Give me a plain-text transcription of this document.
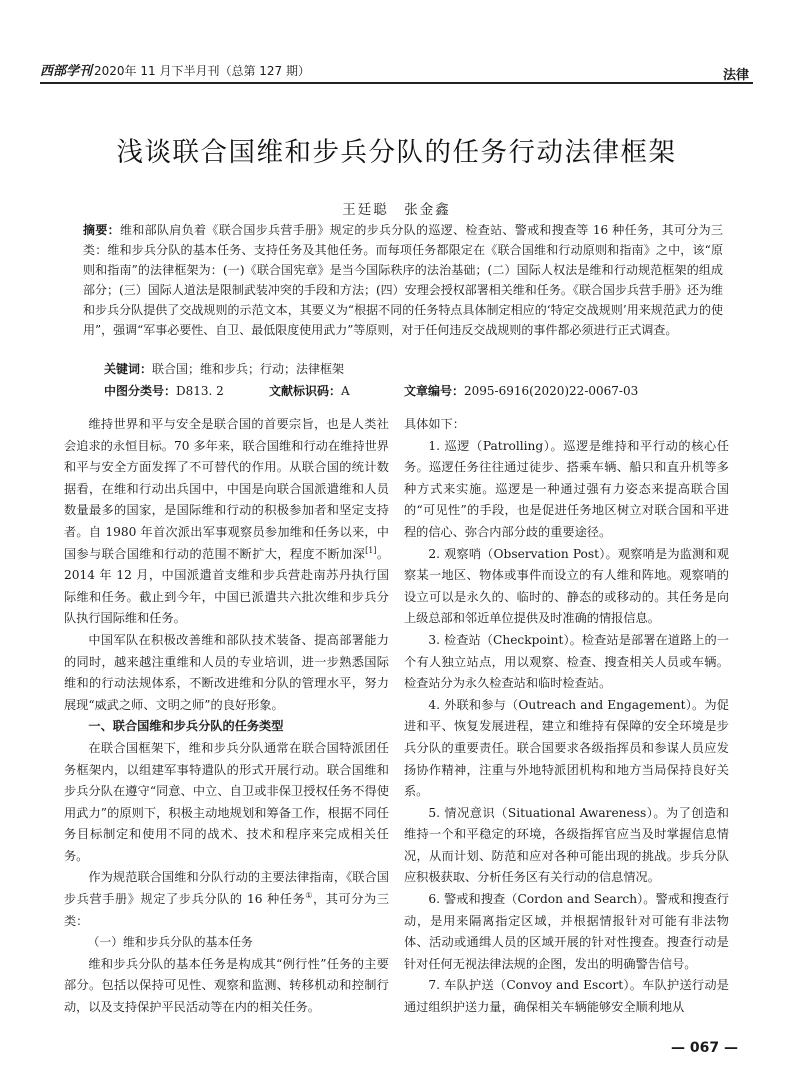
西部学刊 2020年 11 月下半月刊（总第 127 期）	法律
浅谈联合国维和步兵分队的任务行动法律框架
王廷聪　张金鑫
摘要：维和部队肩负着《联合国步兵营手册》规定的步兵分队的巡逻、检查站、警戒和搜查等 16 种任务，其可分为三类：维和步兵分队的基本任务、支持任务及其他任务。而每项任务都限定在《联合国维和行动原则和指南》之中，该“原则和指南”的法律框架为：(一)《联合国宪章》是当今国际秩序的法治基础；(二）国际人权法是维和行动规范框架的组成部分；(三）国际人道法是限制武装冲突的手段和方法；(四）安理会授权部署相关维和任务。《联合国步兵营手册》还为维和步兵分队提供了交战规则的示范文本，其要义为“根据不同的任务特点具体制定相应的‘特定交战规则’用来规范武力的使用”，强调“军事必要性、自卫、最低限度使用武力”等原则，对于任何违反交战规则的事件都必须进行正式调查。
关键词：联合国；维和步兵；行动；法律框架
中图分类号：D813. 2	文献标识码：A	文章编号：2095-6916(2020)22-0067-03

维持世界和平与安全是联合国的首要宗旨，也是人类社会追求的永恒目标。70 多年来，联合国维和行动在维持世界和平与安全方面发挥了不可替代的作用。从联合国的统计数据看，在维和行动出兵国中，中国是向联合国派遣维和人员数量最多的国家，是国际维和行动的积极参加者和坚定支持者。自 1980 年首次派出军事观察员参加维和任务以来，中国参与联合国维和行动的范围不断扩大，程度不断加深[1]。2014 年 12 月，中国派遣首支维和步兵营赴南苏丹执行国际维和任务。截止到今年，中国已派遣共六批次维和步兵分队执行国际维和任务。

中国军队在积极改善维和部队技术装备、提高部署能力的同时，越来越注重维和人员的专业培训，进一步熟悉国际维和的行动法规体系，不断改进维和分队的管理水平，努力展现“威武之师、文明之师”的良好形象。

一、联合国维和步兵分队的任务类型

在联合国框架下，维和步兵分队通常在联合国特派团任务框架内，以组建军事特遣队的形式开展行动。联合国维和步兵分队在遵守“同意、中立、自卫或非保卫授权任务不得使用武力”的原则下，积极主动地规划和筹备工作，根据不同任务目标制定和使用不同的战术、技术和程序来完成相关任务。

作为规范联合国维和分队行动的主要法律指南，《联合国步兵营手册》规定了步兵分队的 16 种任务①，其可分为三类：

（一）维和步兵分队的基本任务

维和步兵分队的基本任务是构成其“例行性”任务的主要部分。包括以保持可见性、观察和监测、转移机动和控制行动，以及支持保护平民活动等在内的相关任务。

具体如下：

1. 巡逻（Patrolling）。巡逻是维持和平行动的核心任务。巡逻任务往往通过徒步、搭乘车辆、船只和直升机等多种方式来实施。巡逻是一种通过强有力姿态来提高联合国的“可见性”的手段，也是促进任务地区树立对联合国和平进程的信心、弥合内部分歧的重要途径。

2. 观察哨（Observation Post）。观察哨是为监测和观察某一地区、物体或事件而设立的有人维和阵地。观察哨的设立可以是永久的、临时的、静态的或移动的。其任务是向上级总部和邻近单位提供及时准确的情报信息。

3. 检查站（Checkpoint）。检查站是部署在道路上的一个有人独立站点，用以观察、检查、搜查相关人员或车辆。检查站分为永久检查站和临时检查站。

4. 外联和参与（Outreach and Engagement）。为促进和平、恢复发展进程，建立和维持有保障的安全环境是步兵分队的重要责任。联合国要求各级指挥员和参谋人员应发扬协作精神，注重与外地特派团机构和地方当局保持良好关系。

5. 情况意识（Situational Awareness）。为了创造和维持一个和平稳定的环境，各级指挥官应当及时掌握信息情况，从而计划、防范和应对各种可能出现的挑战。步兵分队应积极获取、分析任务区有关行动的信息情况。

6. 警戒和搜查（Cordon and Search）。警戒和搜查行动，是用来隔离指定区域，并根据情报针对可能有非法物体、活动或通缉人员的区域开展的针对性搜查。搜查行动是针对任何无视法律法规的企图，发出的明确警告信号。

7. 车队护送（Convoy and Escort）。车队护送行动是通过组织护送力量，确保相关车辆能够安全顺利地从

— 067 —
